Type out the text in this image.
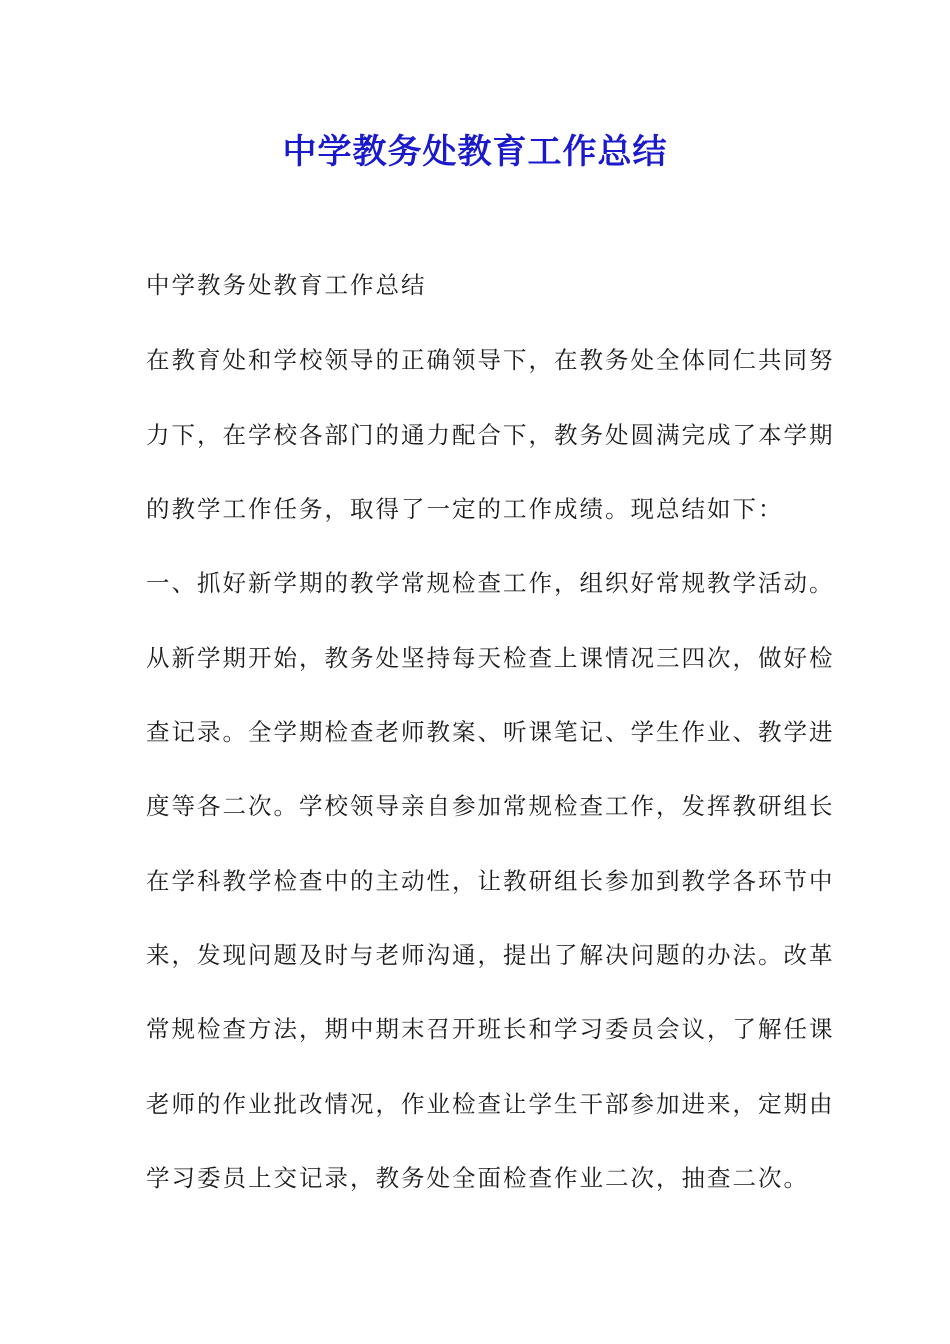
中学教务处教育工作总结

中学教务处教育工作总结

在教育处和学校领导的正确领导下，在教务处全体同仁共同努

力下，在学校各部门的通力配合下，教务处圆满完成了本学期

的教学工作任务，取得了一定的工作成绩。现总结如下：

一、抓好新学期的教学常规检查工作，组织好常规教学活动。

从新学期开始，教务处坚持每天检查上课情况三四次，做好检

查记录。全学期检查老师教案、听课笔记、学生作业、教学进

度等各二次。学校领导亲自参加常规检查工作，发挥教研组长

在学科教学检查中的主动性，让教研组长参加到教学各环节中

来，发现问题及时与老师沟通，提出了解决问题的办法。改革

常规检查方法，期中期末召开班长和学习委员会议，了解任课

老师的作业批改情况，作业检查让学生干部参加进来，定期由

学习委员上交记录，教务处全面检查作业二次，抽查二次。
